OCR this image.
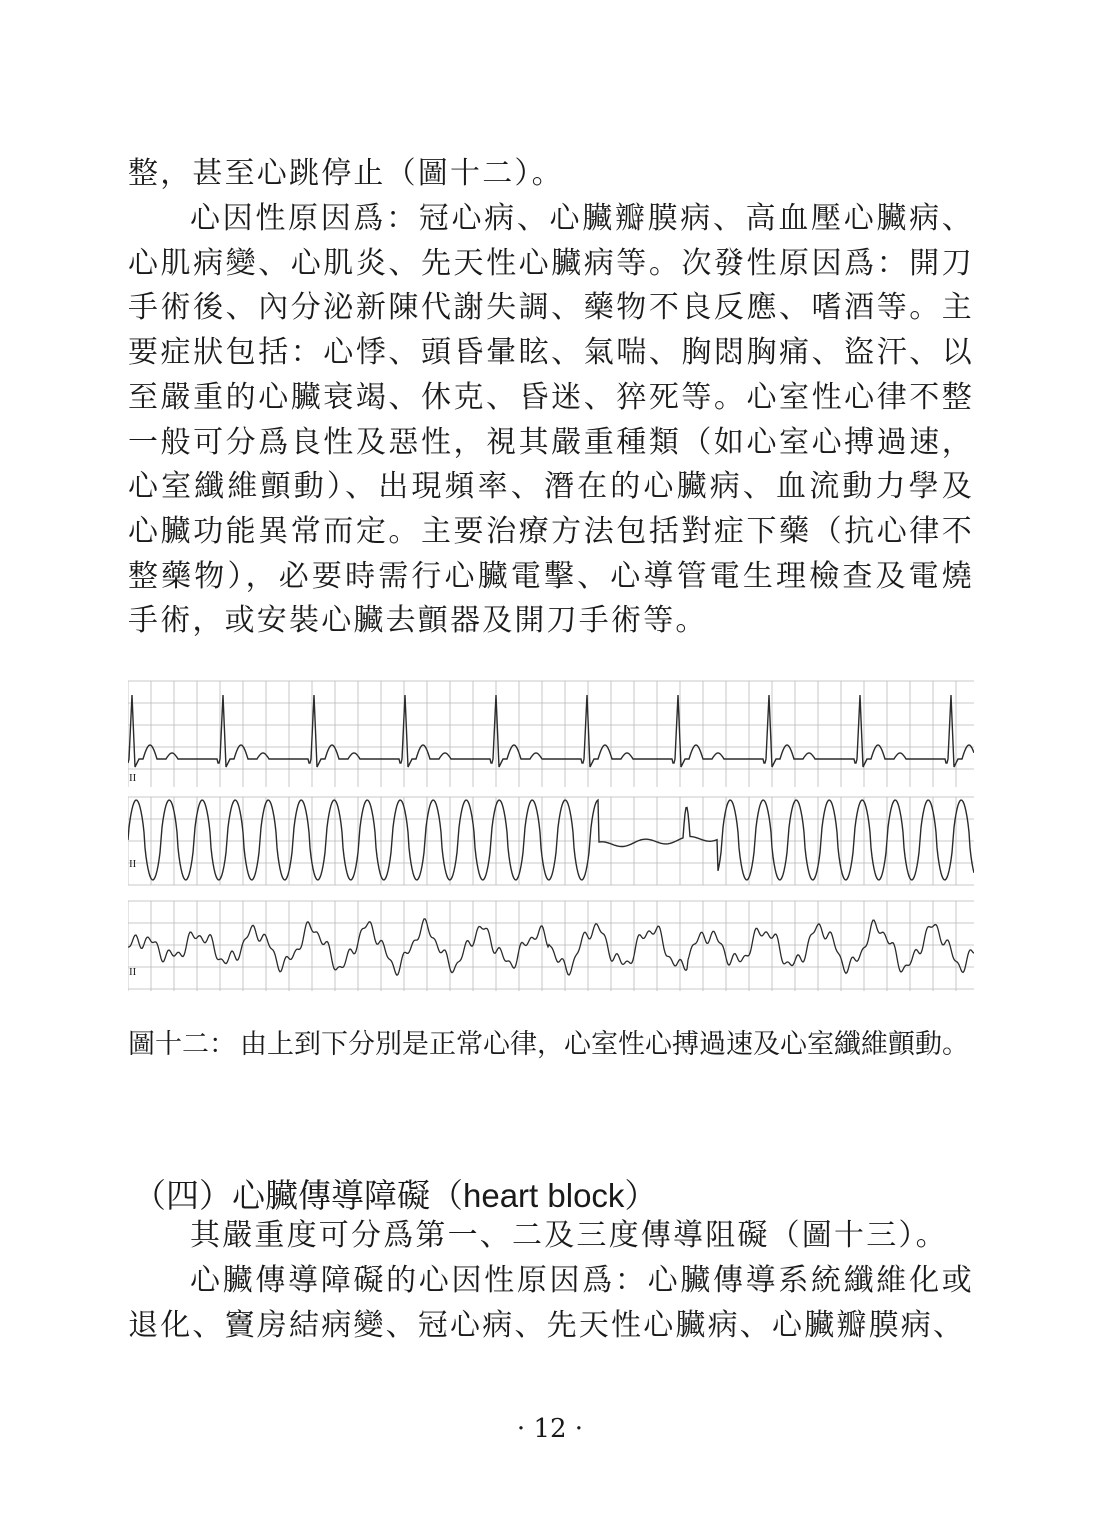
整，甚至心跳停止（圖十二）。

心因性原因爲：冠心病、心臟瓣膜病、高血壓心臟病、心肌病變、心肌炎、先天性心臟病等。次發性原因爲：開刀手術後、內分泌新陳代謝失調、藥物不良反應、嗜酒等。主要症狀包括：心悸、頭昏暈眩、氣喘、胸悶胸痛、盜汗、以至嚴重的心臟衰竭、休克、昏迷、猝死等。心室性心律不整一般可分爲良性及惡性，視其嚴重種類（如心室心搏過速，心室纖維顫動）、出現頻率、潛在的心臟病、血流動力學及心臟功能異常而定。主要治療方法包括對症下藥（抗心律不整藥物），必要時需行心臟電擊、心導管電生理檢查及電燒手術，或安裝心臟去顫器及開刀手術等。

II
II
II
圖十二： 由上到下分別是正常心律，心室性心搏過速及心室纖維顫動。
（四）心臟傳導障礙（heart block）

其嚴重度可分爲第一、二及三度傳導阻礙（圖十三）。

心臟傳導障礙的心因性原因爲：心臟傳導系統纖維化或退化、竇房結病變、冠心病、先天性心臟病、心臟瓣膜病、

· 12 ·
